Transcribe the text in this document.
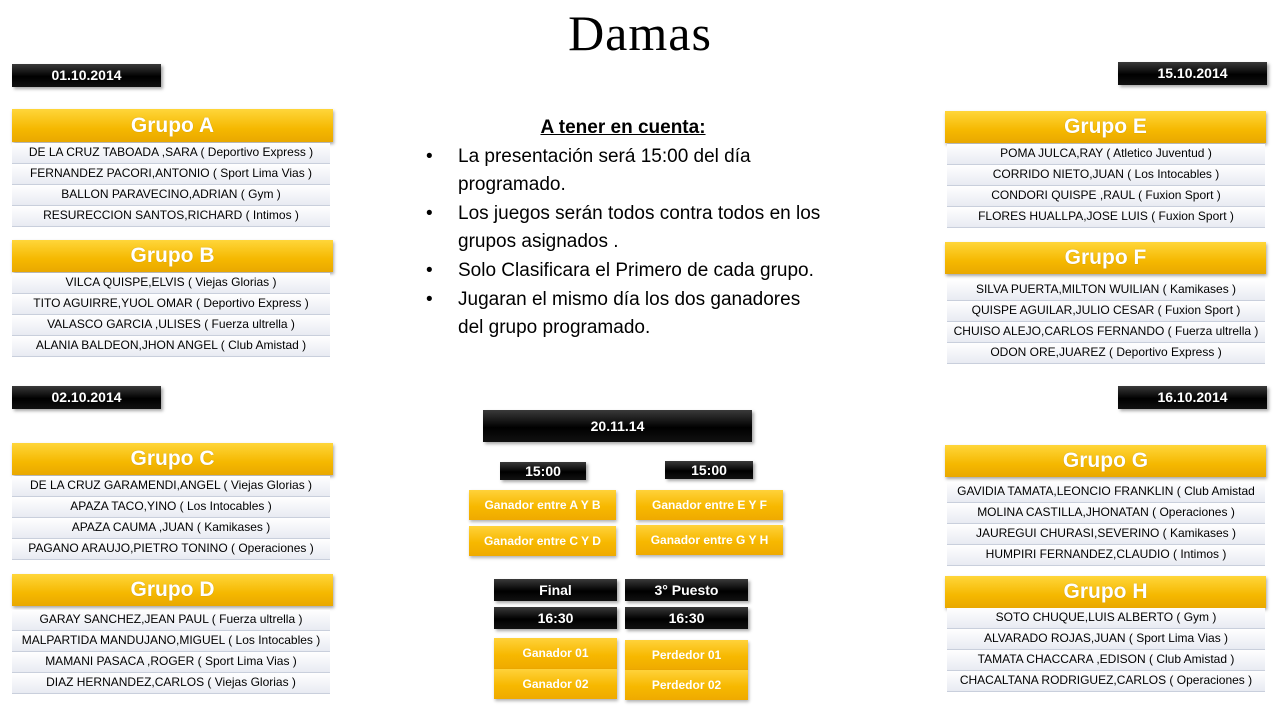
Damas
01.10.2014
02.10.2014
15.10.2014
16.10.2014
Grupo A
DE LA CRUZ TABOADA ,SARA ( Deportivo Express )
FERNANDEZ PACORI,ANTONIO ( Sport Lima Vias )
BALLON PARAVECINO,ADRIAN ( Gym )
RESURECCION SANTOS,RICHARD ( Intimos )
Grupo B
VILCA QUISPE,ELVIS ( Viejas Glorias )
TITO AGUIRRE,YUOL OMAR ( Deportivo Express )
VALASCO GARCIA ,ULISES ( Fuerza ultrella )
ALANIA BALDEON,JHON ANGEL ( Club Amistad )
Grupo C
DE LA CRUZ GARAMENDI,ANGEL ( Viejas Glorias )
APAZA TACO,YINO ( Los Intocables )
APAZA CAUMA ,JUAN ( Kamikases )
PAGANO ARAUJO,PIETRO TONINO ( Operaciones )
Grupo D
GARAY SANCHEZ,JEAN PAUL ( Fuerza ultrella )
MALPARTIDA MANDUJANO,MIGUEL ( Los Intocables )
MAMANI PASACA ,ROGER ( Sport Lima Vias )
DIAZ HERNANDEZ,CARLOS ( Viejas Glorias )
Grupo E
POMA JULCA,RAY ( Atletico Juventud )
CORRIDO NIETO,JUAN ( Los Intocables )
CONDORI QUISPE ,RAUL ( Fuxion Sport )
FLORES HUALLPA,JOSE LUIS ( Fuxion Sport )
Grupo F
SILVA PUERTA,MILTON WUILIAN ( Kamikases )
QUISPE AGUILAR,JULIO CESAR ( Fuxion Sport )
CHUISO ALEJO,CARLOS FERNANDO ( Fuerza ultrella )
ODON ORE,JUAREZ ( Deportivo Express )
Grupo G
GAVIDIA TAMATA,LEONCIO FRANKLIN ( Club Amistad
MOLINA CASTILLA,JHONATAN ( Operaciones )
JAUREGUI CHURASI,SEVERINO ( Kamikases )
HUMPIRI FERNANDEZ,CLAUDIO ( Intimos )
Grupo H
SOTO CHUQUE,LUIS ALBERTO ( Gym )
ALVARADO ROJAS,JUAN ( Sport Lima Vias )
TAMATA CHACCARA ,EDISON ( Club Amistad )
CHACALTANA RODRIGUEZ,CARLOS ( Operaciones )
A tener en cuenta:
• La presentación será 15:00 del día programado.
• Los juegos serán todos contra todos en los grupos asignados .
• Solo Clasificara el Primero de cada grupo.
• Jugaran el mismo día los dos ganadores del grupo programado.
20.11.14
15:00	15:00
Ganador entre A Y B
Ganador entre C Y D
Ganador entre E Y F
Ganador entre G Y H
Final	3° Puesto
16:30	16:30
Ganador 01
Ganador 02
Perdedor 01
Perdedor 02
